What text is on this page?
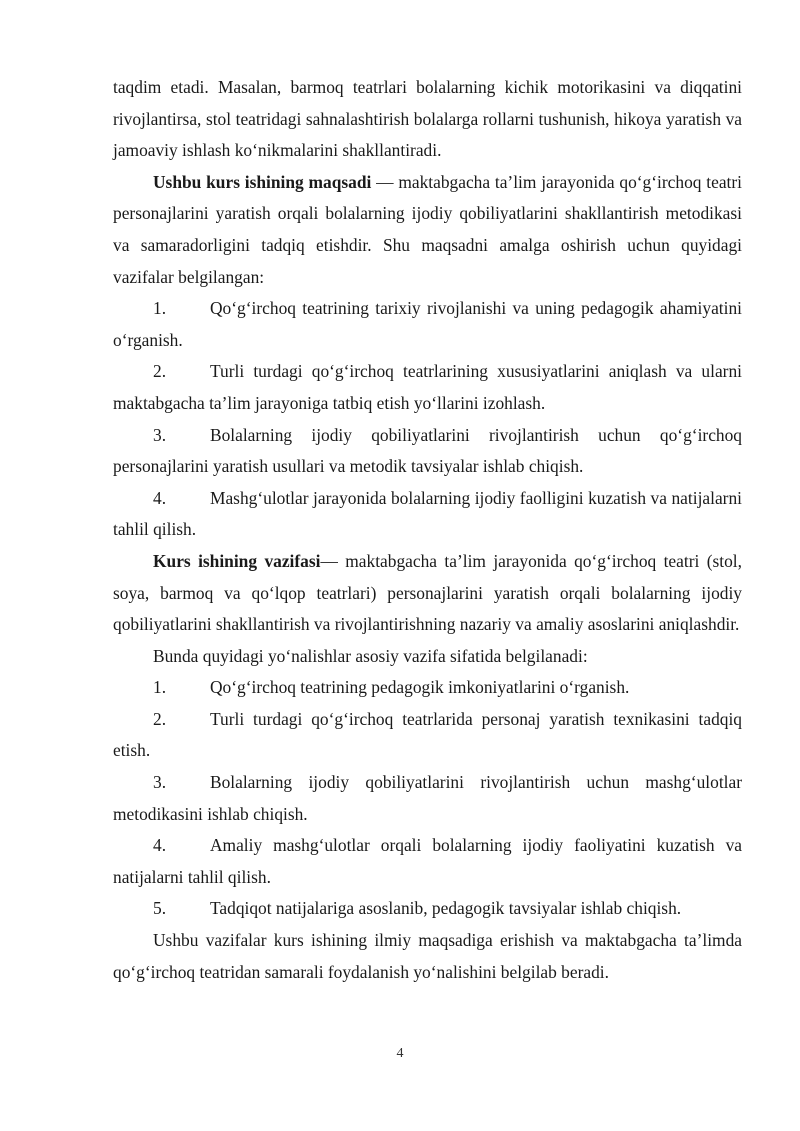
taqdim etadi. Masalan, barmoq teatrlari bolalarning kichik motorikasini va diqqatini rivojlantirsa, stol teatridagi sahnalashtirish bolalarga rollarni tushunish, hikoya yaratish va jamoaviy ishlash ko‘nikmalarini shakllantiradi.

Ushbu kurs ishining maqsadi — maktabgacha ta’lim jarayonida qo‘g‘irchoq teatri personajlarini yaratish orqali bolalarning ijodiy qobiliyatlarini shakllantirish metodikasi va samaradorligini tadqiq etishdir. Shu maqsadni amalga oshirish uchun quyidagi vazifalar belgilangan:

1.	Qo‘g‘irchoq teatrining tarixiy rivojlanishi va uning pedagogik ahamiyatini o‘rganish.

2.	Turli turdagi qo‘g‘irchoq teatrlarining xususiyatlarini aniqlash va ularni maktabgacha ta’lim jarayoniga tatbiq etish yo‘llarini izohlash.

3.	Bolalarning ijodiy qobiliyatlarini rivojlantirish uchun qo‘g‘irchoq personajlarini yaratish usullari va metodik tavsiyalar ishlab chiqish.

4.	Mashg‘ulotlar jarayonida bolalarning ijodiy faolligini kuzatish va natijalarni tahlil qilish.

Kurs ishining vazifasi— maktabgacha ta’lim jarayonida qo‘g‘irchoq teatri (stol, soya, barmoq va qo‘lqop teatrlari) personajlarini yaratish orqali bolalarning ijodiy qobiliyatlarini shakllantirish va rivojlantirishning nazariy va amaliy asoslarini aniqlashdir.

Bunda quyidagi yo‘nalishlar asosiy vazifa sifatida belgilanadi:

1.	Qo‘g‘irchoq teatrining pedagogik imkoniyatlarini o‘rganish.

2.	Turli turdagi qo‘g‘irchoq teatrlarida personaj yaratish texnikasini tadqiq etish.

3.	Bolalarning ijodiy qobiliyatlarini rivojlantirish uchun mashg‘ulotlar metodikasini ishlab chiqish.

4.	Amaliy mashg‘ulotlar orqali bolalarning ijodiy faoliyatini kuzatish va natijalarni tahlil qilish.

5.	Tadqiqot natijalariga asoslanib, pedagogik tavsiyalar ishlab chiqish.

Ushbu vazifalar kurs ishining ilmiy maqsadiga erishish va maktabgacha ta’limda qo‘g‘irchoq teatridan samarali foydalanish yo‘nalishini belgilab beradi.

4
